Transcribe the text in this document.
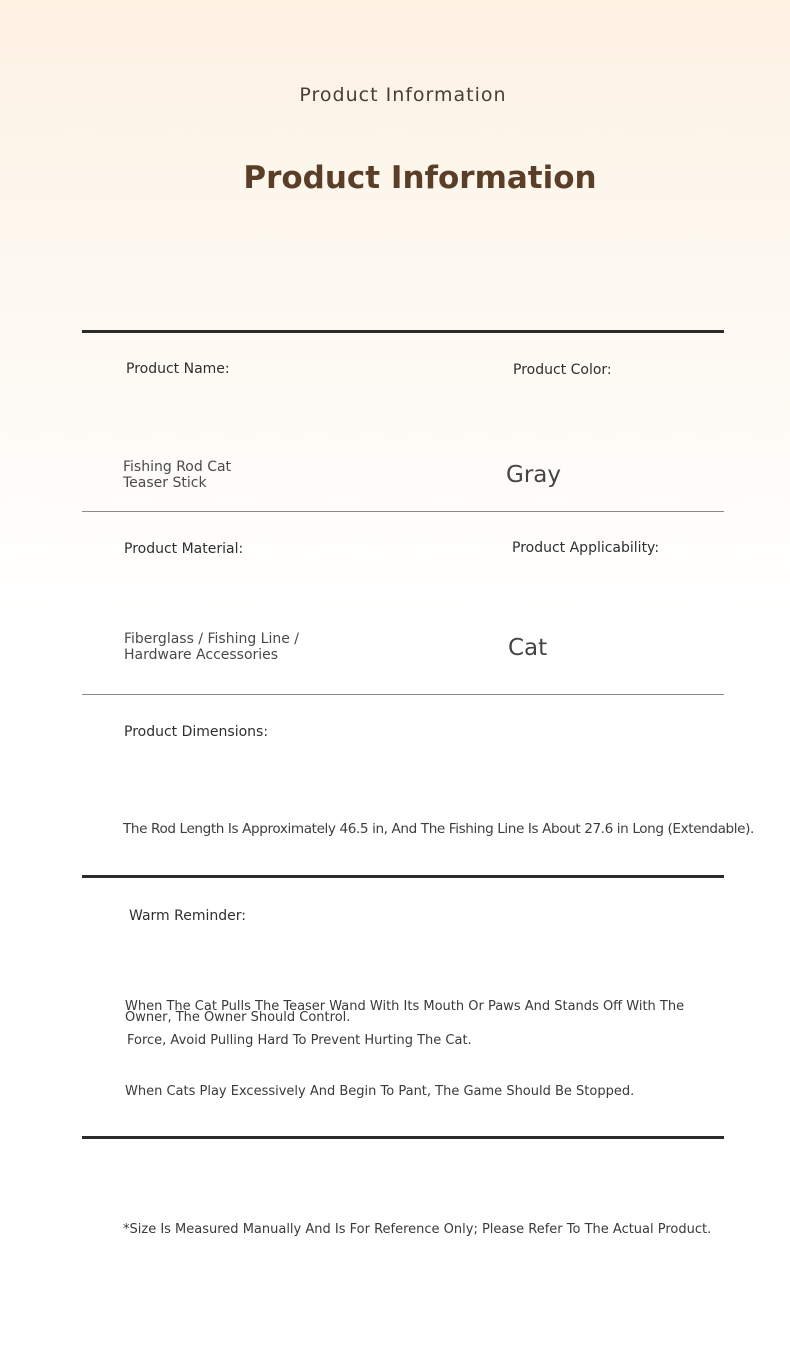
Product Information

Product Information
Product Name:	Product Color:
Fishing Rod Cat Teaser Stick	Gray
Product Material:	Product Applicability:
Fiberglass / Fishing Line / Hardware Accessories	Cat
Product Dimensions:
The Rod Length Is Approximately 46.5 in, And The Fishing Line Is About 27.6 in Long (Extendable).
Warm Reminder:
When The Cat Pulls The Teaser Wand With Its Mouth Or Paws And Stands Off With The Owner, The Owner Should Control.
Force, Avoid Pulling Hard To Prevent Hurting The Cat.
When Cats Play Excessively And Begin To Pant, The Game Should Be Stopped.
*Size Is Measured Manually And Is For Reference Only; Please Refer To The Actual Product.
